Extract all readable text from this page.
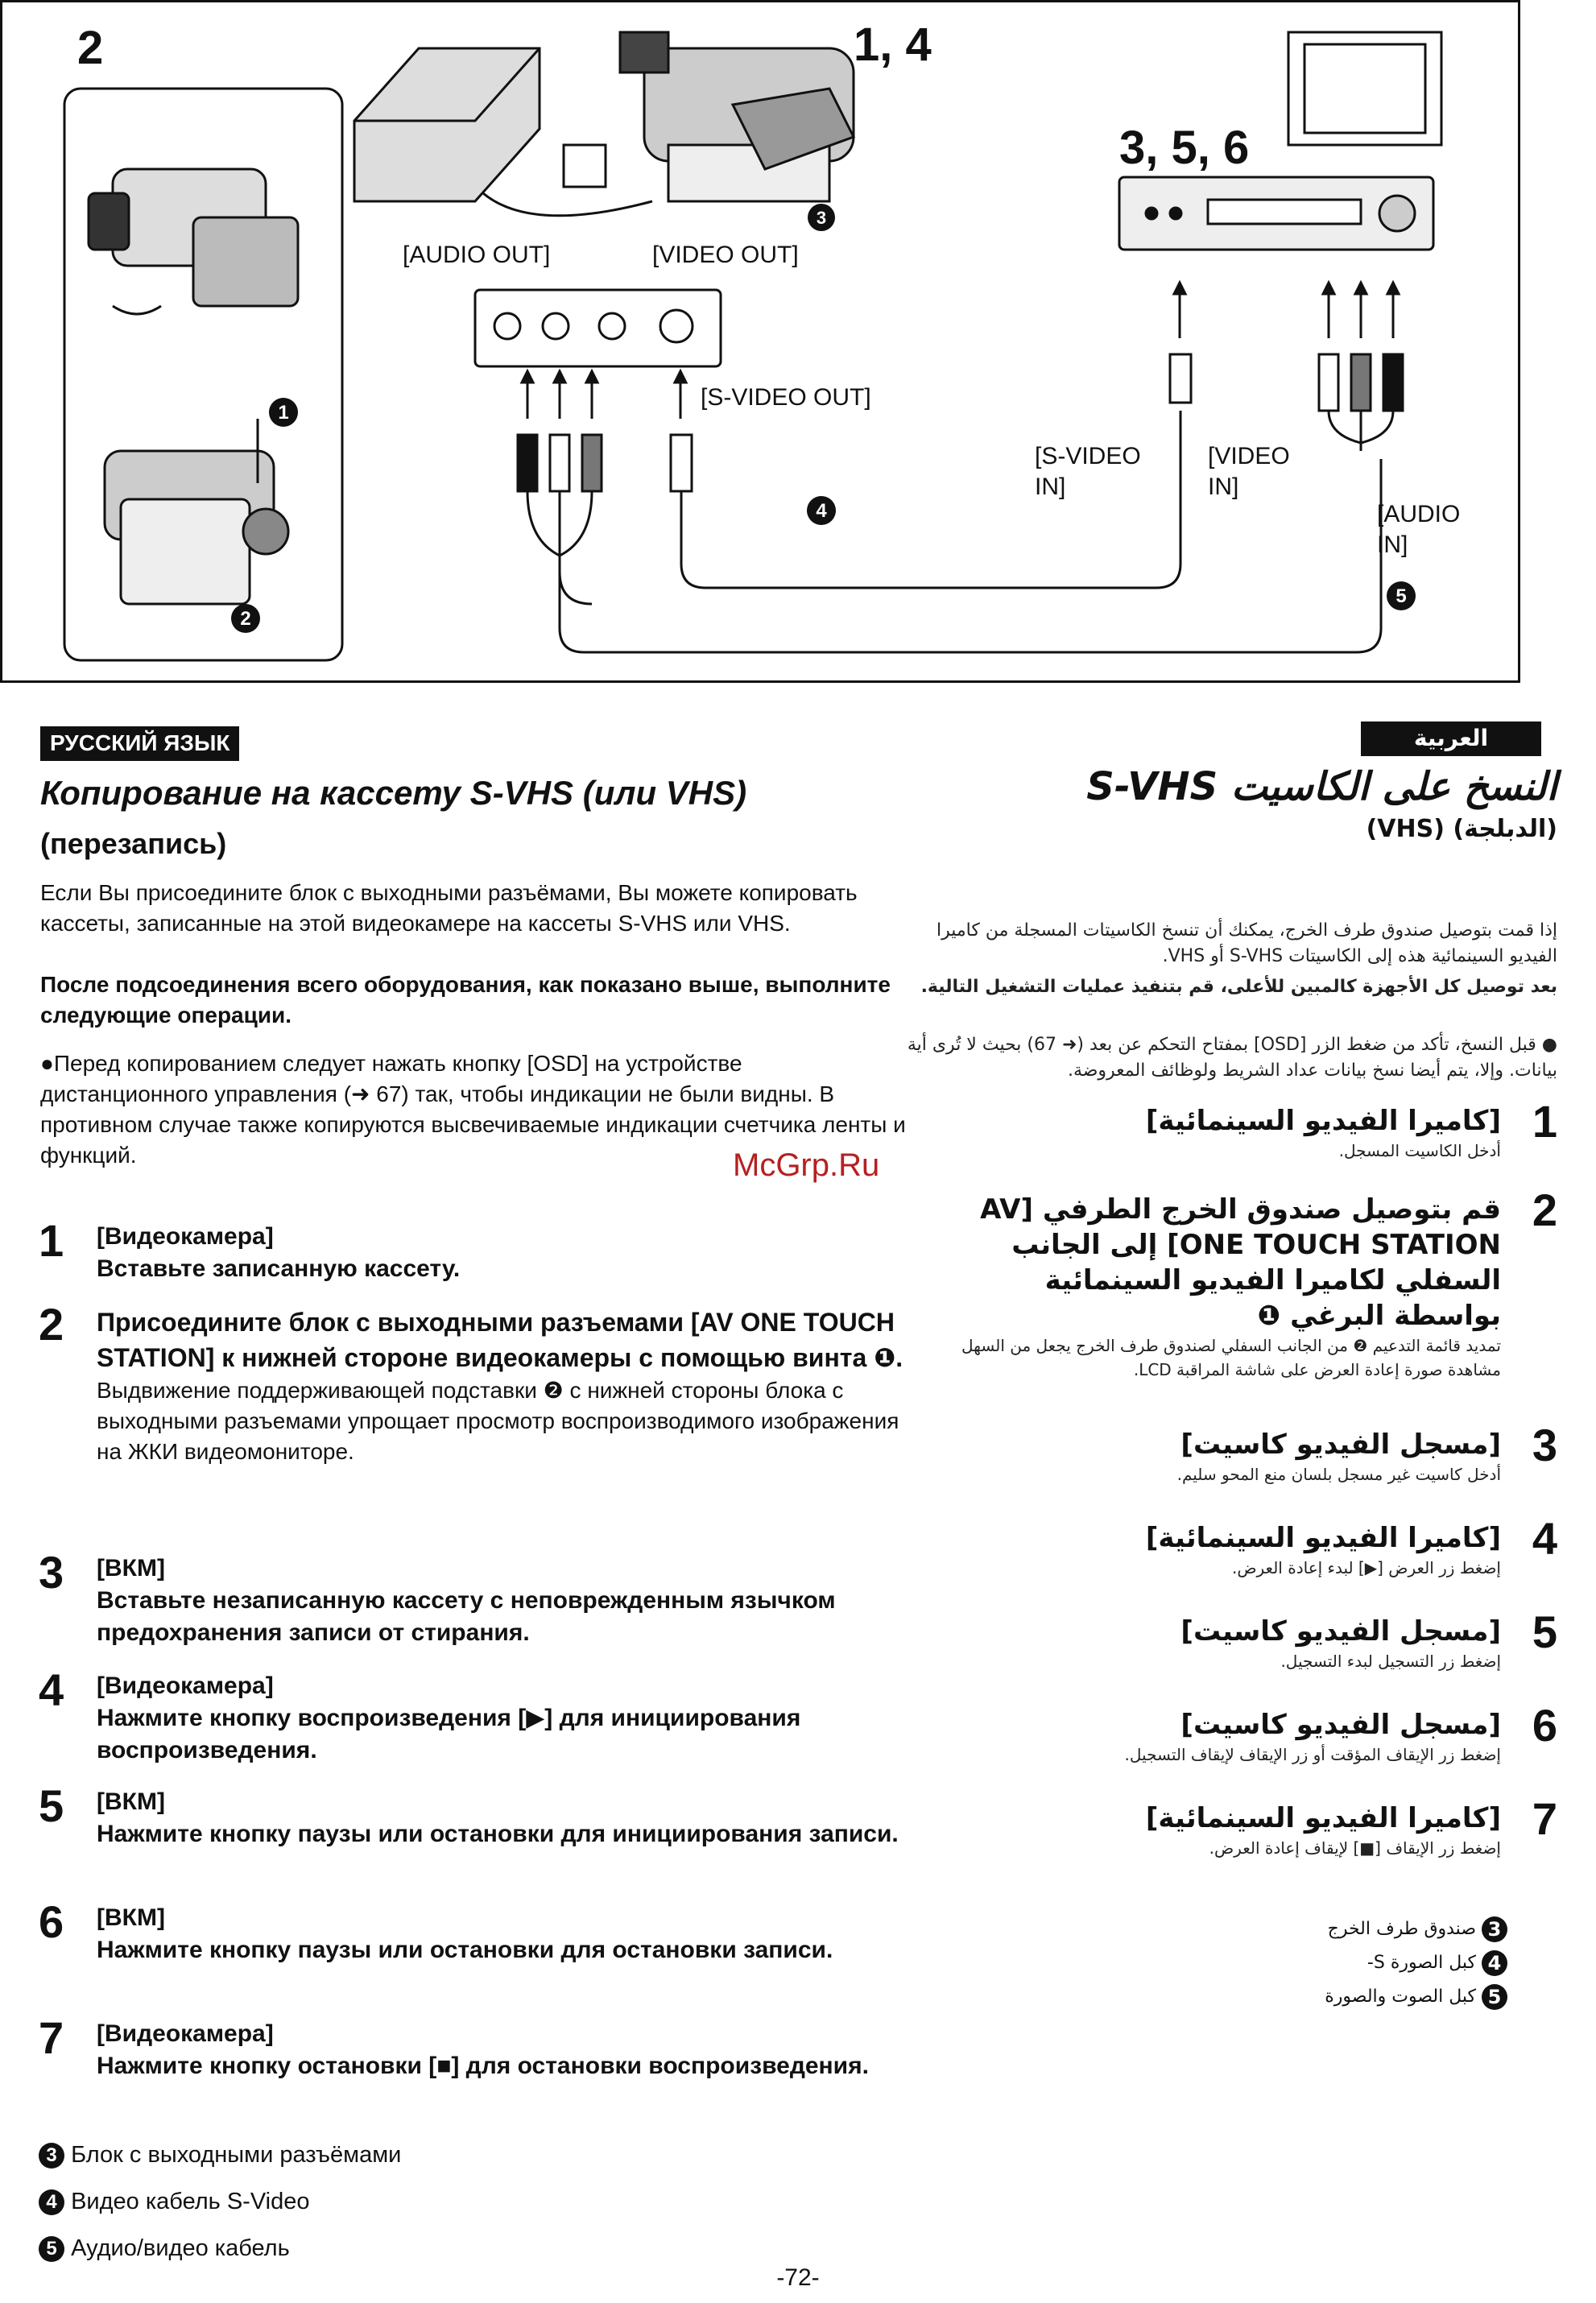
3
4
5
1
2
2	1, 4
3, 5, 6
[AUDIO OUT]	[VIDEO OUT]
[S-VIDEO OUT]
[S-VIDEO
IN]
[VIDEO
IN]
[AUDIO
IN]
РУССКИЙ ЯЗЫК
Копирование на кассету S-VHS (или VHS) (перезапись)
Если Вы присоедините блок с выходными разъёмами, Вы можете копировать кассеты, записанные на этой видеокамере на кассеты S-VHS или VHS.
После подсоединения всего оборудования, как показано выше, выполните следующие операции.
●Перед копированием следует нажать кнопку [OSD] на устройстве дистанционного управления (➜ 67) так, чтобы индикации не были видны. В противном случае также копируются высвечиваемые индикации счетчика ленты и функций.
1 [Видеокамера]
Вставьте записанную кассету.
2 Присоедините блок с выходными разъемами [AV ONE TOUCH STATION] к нижней стороне видеокамеры с помощью винта ❶.
Выдвижение поддерживающей подставки ❷ с нижней стороны блока с выходными разъемами упрощает просмотр воспроизводимого изображения на ЖКИ видеомониторе.
3 [ВКМ]
Вставьте незаписанную кассету с неповрежденным язычком предохранения записи от стирания.
4 [Видеокамера]
Нажмите кнопку воспроизведения [▶] для инициирования воспроизведения.
5 [ВКМ]
Нажмите кнопку паузы или остановки для инициирования записи.
6 [ВКМ]
Нажмите кнопку паузы или остановки для остановки записи.
7 [Видеокамера]
Нажмите кнопку остановки [■] для остановки воспроизведения.
3 Блок с выходными разъёмами
4 Видео кабель S-Video
5 Аудио/видео кабель
العربية
النسخ على الكاسيت S-VHS
(الدبلجة) (VHS)
إذا قمت بتوصيل صندوق طرف الخرج، يمكنك أن تنسخ الكاسيتات المسجلة من كاميرا الفيديو السينمائية هذه إلى الكاسيتات S-VHS أو VHS.
بعد توصيل كل الأجهزة كالمبين للأعلى، قم بتنفيذ عمليات التشغيل التالية.
● قبل النسخ، تأكد من ضغط الزر [OSD] بمفتاح التحكم عن بعد (➜ 67) بحيث لا تُرى أية بيانات. وإلا، يتم أيضا نسخ بيانات عداد الشريط ولوظائف المعروضة.
1
[كاميرا الفيديو السينمائية]
أدخل الكاسيت المسجل.
2
قم بتوصيل صندوق الخرج الطرفي [AV ONE TOUCH STATION] إلى الجانب السفلي لكاميرا الفيديو السينمائية بواسطة البرغي ❶
تمديد قائمة التدعيم ❷ من الجانب السفلي لصندوق طرف الخرج يجعل من السهل مشاهدة صورة إعادة العرض على شاشة المراقبة LCD.
3
[مسجل الفيديو كاسيت]
أدخل كاسيت غير مسجل بلسان منع المحو سليم.
4
[كاميرا الفيديو السينمائية]
إضغط زر العرض [▶] لبدء إعادة العرض.
5
[مسجل الفيديو كاسيت]
إضغط زر التسجيل لبدء التسجيل.
6
[مسجل الفيديو كاسيت]
إضغط زر الإيقاف المؤقت أو زر الإيقاف لإيقاف التسجيل.
7
[كاميرا الفيديو السينمائية]
إضغط زر الإيقاف [■] لإيقاف إعادة العرض.
3 صندوق طرف الخرج
4 كبل الصورة S-
5 كبل الصوت والصورة
McGrp.Ru
-72-
